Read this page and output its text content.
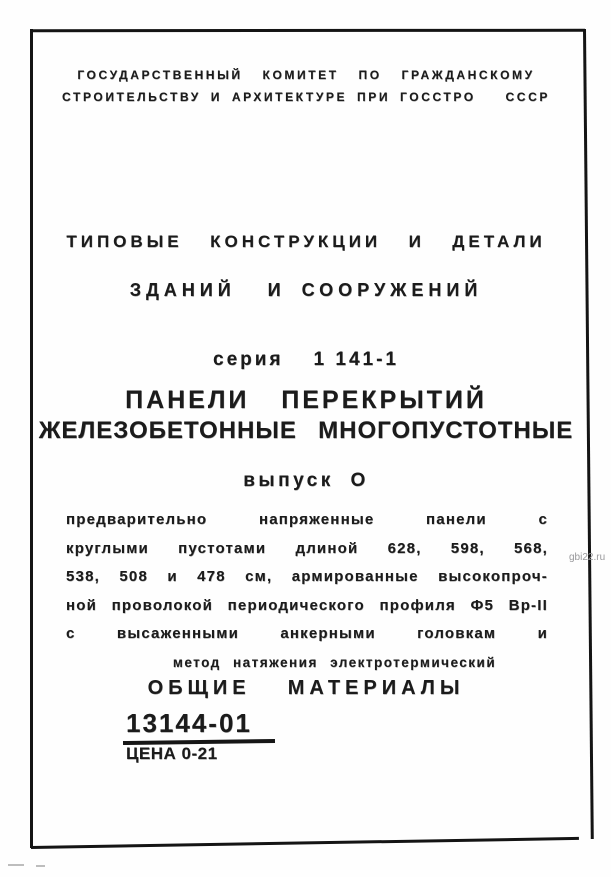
ГОСУДАРСТВЕННЫЙ  КОМИТЕТ  ПО  ГРАЖДАНСКОМУ
СТРОИТЕЛЬСТВУ И АРХИТЕКТУРЕ ПРИ ГОССТРО   СССР
ТИПОВЫЕ  КОНСТРУКЦИИ  И  ДЕТАЛИ
ЗДАНИЙ  И СООРУЖЕНИЙ
серия 1 141-1
ПАНЕЛИ  ПЕРЕКРЫТИЙ
ЖЕЛЕЗОБЕТОННЫЕ  МНОГОПУСТОТНЫЕ
выпуск О
предварительно напряженные панели с
круглыми пустотами длиной 628, 598, 568,
538, 508 и 478 см, армированные высокопроч-
ной проволокой периодического профиля Ф5 Вр-II
с высаженными анкерными головкам и
метод натяжения электротермический
ОБЩИЕ  МАТЕРИАЛЫ
13144-01
ЦЕНА 0-21
gbi22.ru
